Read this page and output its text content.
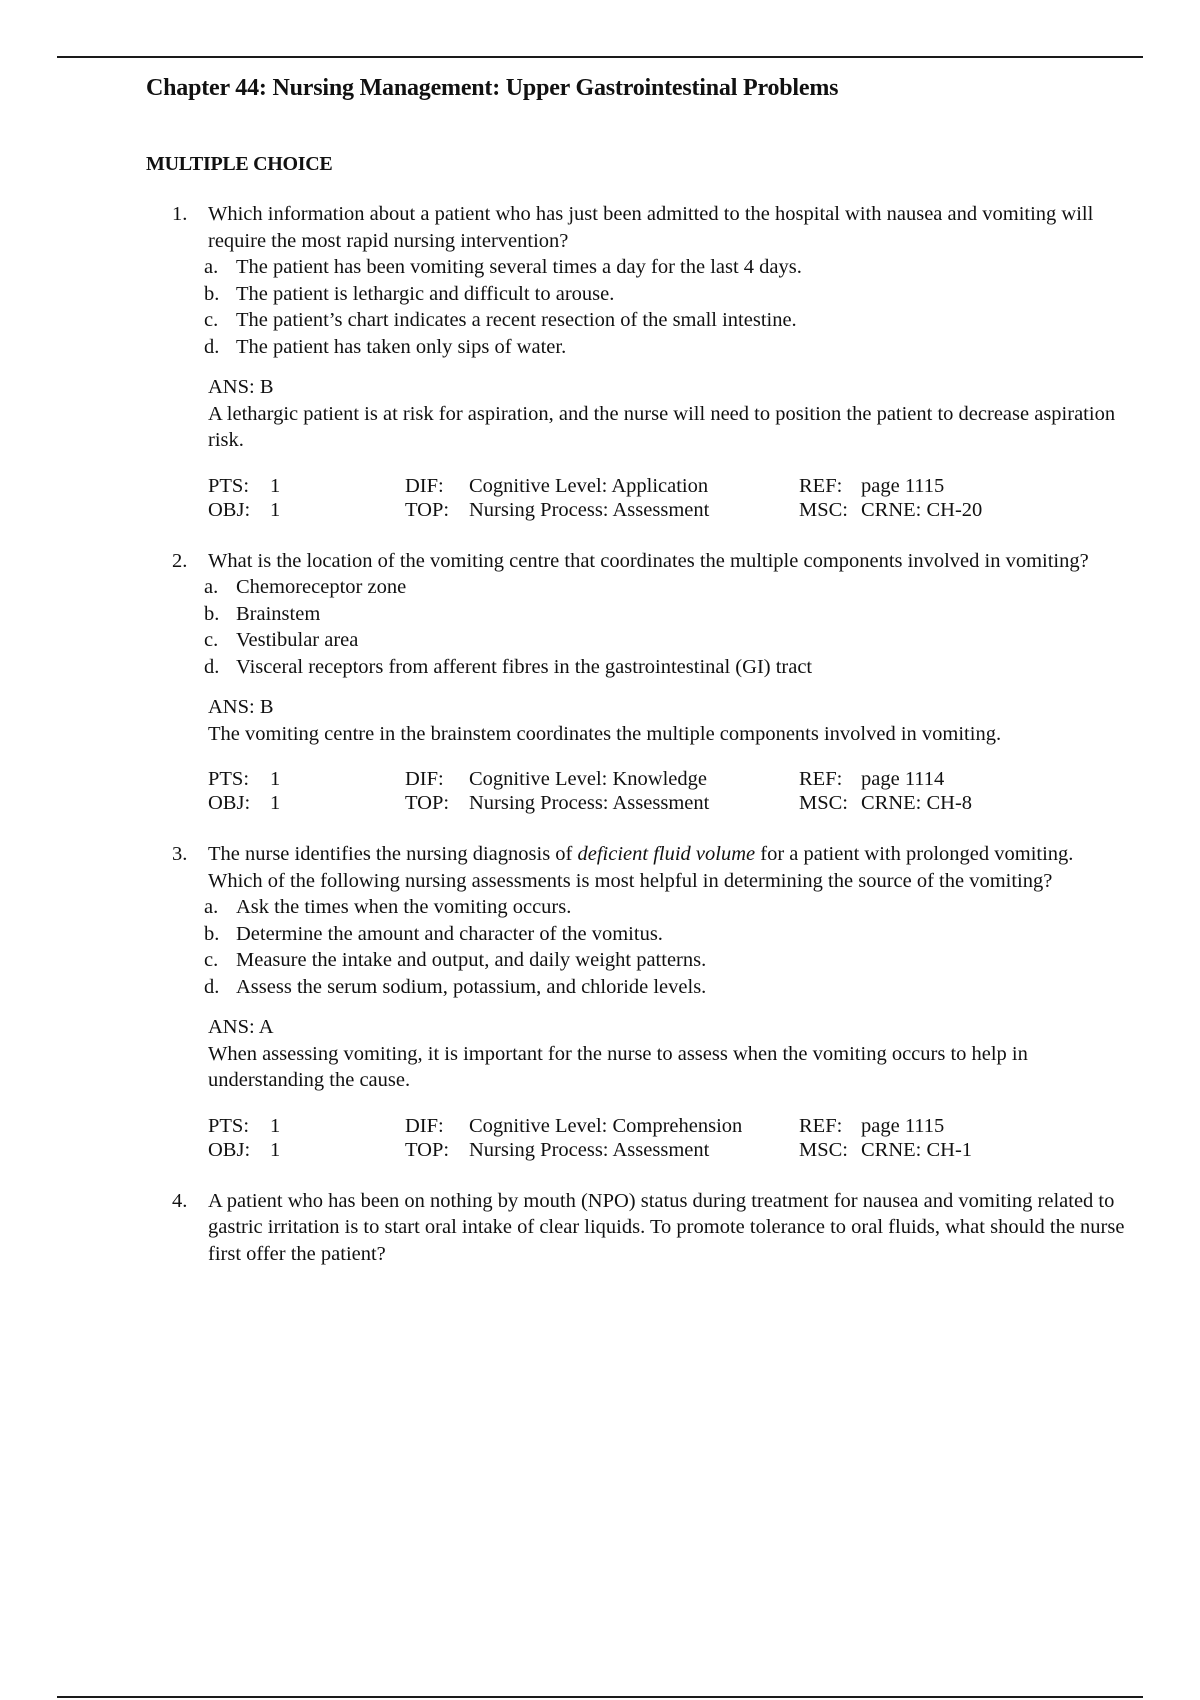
Chapter 44: Nursing Management: Upper Gastrointestinal Problems
MULTIPLE CHOICE
1. Which information about a patient who has just been admitted to the hospital with nausea and vomiting will require the most rapid nursing intervention?
a. The patient has been vomiting several times a day for the last 4 days.
b. The patient is lethargic and difficult to arouse.
c. The patient’s chart indicates a recent resection of the small intestine.
d. The patient has taken only sips of water.
ANS: B
A lethargic patient is at risk for aspiration, and the nurse will need to position the patient to decrease aspiration risk.
PTS:	1	DIF:	Cognitive Level: Application	REF: page 1115
OBJ: 1	TOP: Nursing Process: Assessment	MSC: CRNE: CH-20
2. What is the location of the vomiting centre that coordinates the multiple components involved in vomiting?
a. Chemoreceptor zone
b. Brainstem
c. Vestibular area
d. Visceral receptors from afferent fibres in the gastrointestinal (GI) tract
ANS: B
The vomiting centre in the brainstem coordinates the multiple components involved in vomiting.
PTS:	1	DIF:	Cognitive Level: Knowledge	REF: page 1114
OBJ: 1	TOP: Nursing Process: Assessment	MSC: CRNE: CH-8
3. The nurse identifies the nursing diagnosis of deficient fluid volume for a patient with prolonged vomiting. Which of the following nursing assessments is most helpful in determining the source of the vomiting?
a. Ask the times when the vomiting occurs.
b. Determine the amount and character of the vomitus.
c. Measure the intake and output, and daily weight patterns.
d. Assess the serum sodium, potassium, and chloride levels.
ANS: A
When assessing vomiting, it is important for the nurse to assess when the vomiting occurs to help in understanding the cause.
PTS:	1	DIF:	Cognitive Level: Comprehension	REF: page 1115
OBJ: 1	TOP: Nursing Process: Assessment	MSC: CRNE: CH-1
4. A patient who has been on nothing by mouth (NPO) status during treatment for nausea and vomiting related to gastric irritation is to start oral intake of clear liquids. To promote tolerance to oral fluids, what should the nurse first offer the patient?
